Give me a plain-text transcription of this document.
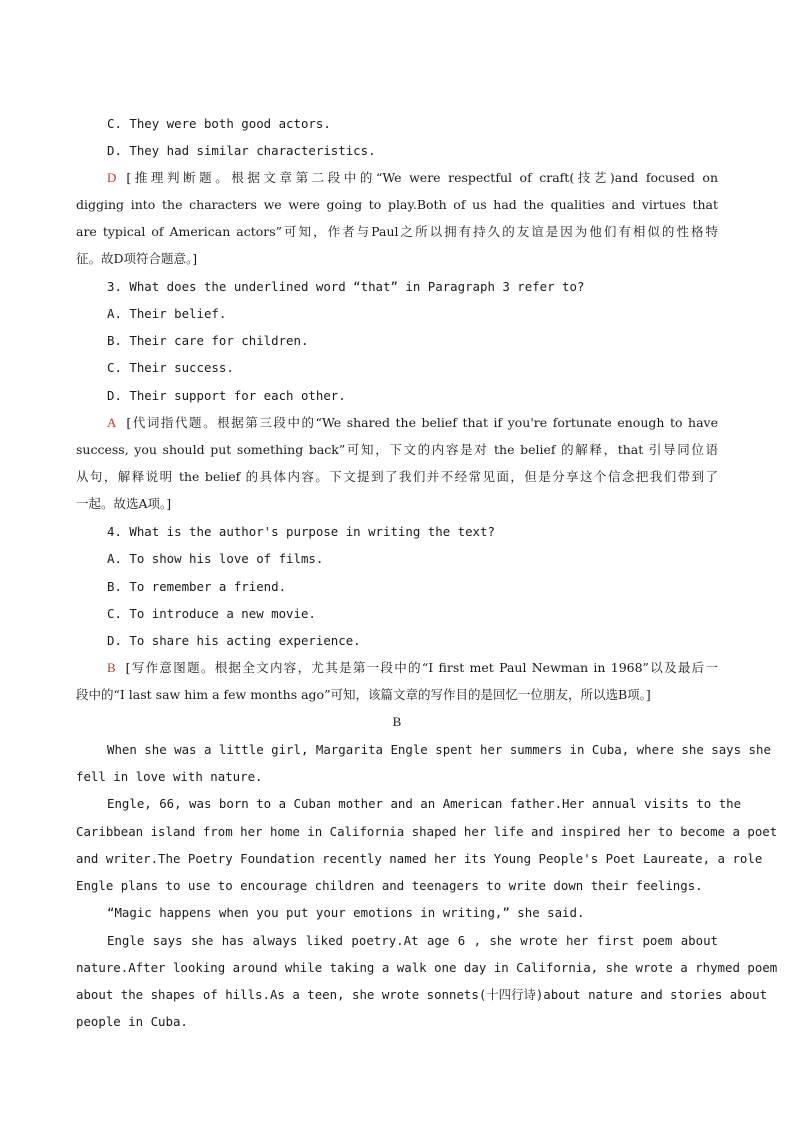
C. They were both good actors.
D. They had similar characteristics.
D [推理判断题。根据文章第二段中的“We were respectful of craft(技艺)and focused on
digging into the characters we were going to play.Both of us had the qualities and virtues that
are typical of American actors”可知，作者与Paul之所以拥有持久的友谊是因为他们有相似的性格特
征。故D项符合题意。]
3. What does the underlined word “that” in Paragraph 3 refer to?
A. Their belief.
B. Their care for children.
C. Their success.
D. Their support for each other.
A [代词指代题。根据第三段中的“We shared the belief that if you're fortunate enough to have
success, you should put something back”可知，下文的内容是对 the belief 的解释，that 引导同位语
从句，解释说明 the belief 的具体内容。下文提到了我们并不经常见面，但是分享这个信念把我们带到了
一起。故选A项。]
4. What is the author's purpose in writing the text?
A. To show his love of films.
B. To remember a friend.
C. To introduce a new movie.
D. To share his acting experience.
B [写作意图题。根据全文内容，尤其是第一段中的“I first met Paul Newman in 1968”以及最后一
段中的“I last saw him a few months ago”可知，该篇文章的写作目的是回忆一位朋友，所以选B项。]
B
When she was a little girl, Margarita Engle spent her summers in Cuba, where she says she
fell in love with nature.
Engle, 66, was born to a Cuban mother and an American father.Her annual visits to the
Caribbean island from her home in California shaped her life and inspired her to become a poet
and writer.The Poetry Foundation recently named her its Young People's Poet Laureate, a role
Engle plans to use to encourage children and teenagers to write down their feelings.
“Magic happens when you put your emotions in writing,” she said.
Engle says she has always liked poetry.At age 6 , she wrote her first poem about
nature.After looking around while taking a walk one day in California, she wrote a rhymed poem
about the shapes of hills.As a teen, she wrote sonnets(十四行诗)about nature and stories about
people in Cuba.
